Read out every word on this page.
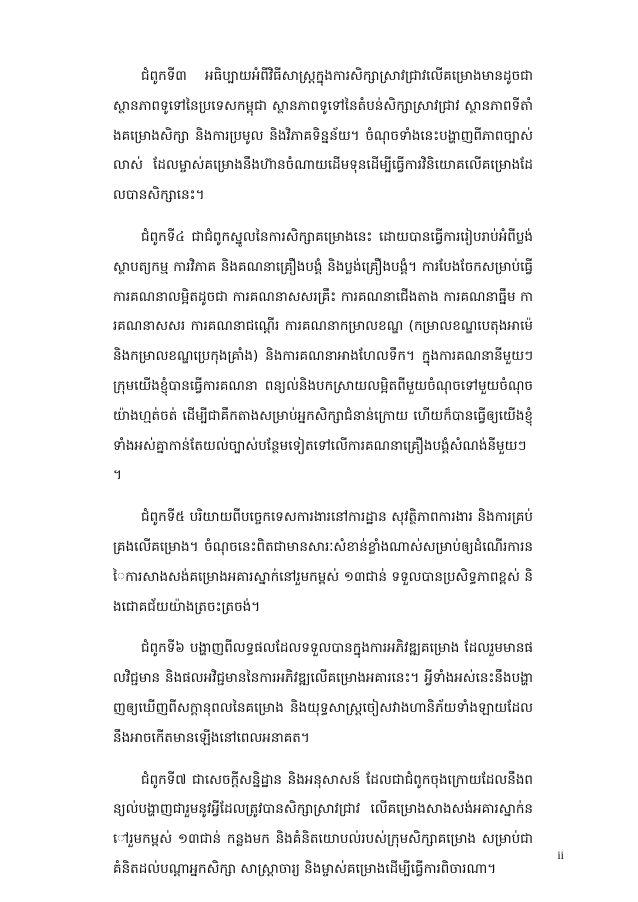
ជំពូកទី៣ អធិប្បាយអំពីវិធីសាស្ត្រក្នុងការសិក្សាស្រាវជ្រាវលើគម្រោងមានដូចជា ស្ថានភាពទូទៅនៃប្រទេសកម្ពុជា ស្ថានភាពទូទៅនៃតំបន់សិក្សាស្រាវជ្រាវ ស្ថានភាពទីតាំងគម្រោងសិក្សា និងការប្រមូល និងវិភាគទិន្នន័យ។ ចំណុចទាំងនេះបង្ហាញពីភាពច្បាស់លាស់ ដែលម្ចាស់គម្រោងនឹងហ៊ានចំណាយដើមទុនដើម្បីធ្វើការវិនិយោគលើគម្រោងដែលបានសិក្សានេះ។

ជំពូកទី៤ ជាជំពូកស្នូលនៃការសិក្សាគម្រោងនេះ ដោយបានធ្វើការរៀបរាប់អំពីប្លង់ស្ថាបត្យកម្ម ការវិភាគ និងគណនាគ្រឿងបង្គំ និងប្លង់គ្រឿងបង្គំ។ ការបែងចែកសម្រាប់ធ្វើការគណនាលម្អិតដូចជា ការគណនាសសរគ្រឹះ ការគណនាជើងតាង ការគណនាធ្នឹម ការគណនាសសរ ការគណនាជណ្ដើរ ការគណនាកម្រាលខណ្ឌ (កម្រាលខណ្ឌបេតុងអាម៉េ និងកម្រាលខណ្ឌប្រេកុងគ្រាំង) និងការគណនាអាងហែលទឹក។ ក្នុងការគណនានីមួយៗ ក្រុមយើងខ្ញុំបានធ្វើការគណនា ពន្យល់និងបកស្រាយលម្អិតពីមួយចំណុចទៅមួយចំណុចយ៉ាងហ្មត់ចត់ ដើម្បីជាគឹកតាងសម្រាប់អ្នកសិក្សាជំនាន់ក្រោយ ហើយក៏បានធ្វើឲ្យយើងខ្ញុំទាំងអស់គ្នាកាន់តែយល់ច្បាស់បន្ថែមទៀតទៅលើការគណនាគ្រឿងបង្គំសំណង់នីមួយៗ។

ជំពូកទី៥ បរិយាយពីបច្ចេកទេសការងារនៅការដ្ឋាន សុវត្ថិភាពការងារ និងការគ្រប់គ្រងលើគម្រោង។ ចំណុចនេះពិតជាមានសារៈសំខាន់ខ្លាំងណាស់សម្រាប់ឲ្យដំណើរការនៃការសាងសង់គម្រោងអគារស្នាក់នៅរួមកម្ពស់ ១៣ជាន់ ទទួលបានប្រសិទ្ធភាពខ្ពស់ និងជោគជ័យយ៉ាងត្រចះត្រចង់។

ជំពូកទី៦ បង្ហាញពីលទ្ធផលដែលទទួលបានក្នុងការអភិវឌ្ឍគម្រោង ដែលរួមមានផលវិជ្ជមាន និងផលអវិជ្ជមាននៃការអភិវឌ្ឍលើគម្រោងអគារនេះ។ អ្វីទាំងអស់នេះនឹងបង្ហាញឲ្យឃើញពីសក្ដានុពលនៃគម្រោង និងយុទ្ធសាស្ត្រចៀសវាងហានិភ័យទាំងឡាយដែលនឹងអាចកើតមានឡើងនៅពេលអនាគត។

ជំពូកទី៧ ជាសេចក្ដីសន្និដ្ឋាន និងអនុសាសន៍ ដែលជាជំពូកចុងក្រោយដែលនឹងពន្យល់បង្ហាញជារួមនូវអ្វីដែលត្រូវបានសិក្សាស្រាវជ្រាវ លើគម្រោងសាងសង់អគារស្នាក់នៅរួមកម្ពស់ ១៣ជាន់ កន្លងមក និងគំនិតយោបល់របស់ក្រុមសិក្សាគម្រោង សម្រាប់ជាគំនិតដល់បណ្ដាអ្នកសិក្សា សាស្ត្រាចារ្យ និងម្ចាស់គម្រោងដើម្បីធ្វើការពិចារណា។

ii
